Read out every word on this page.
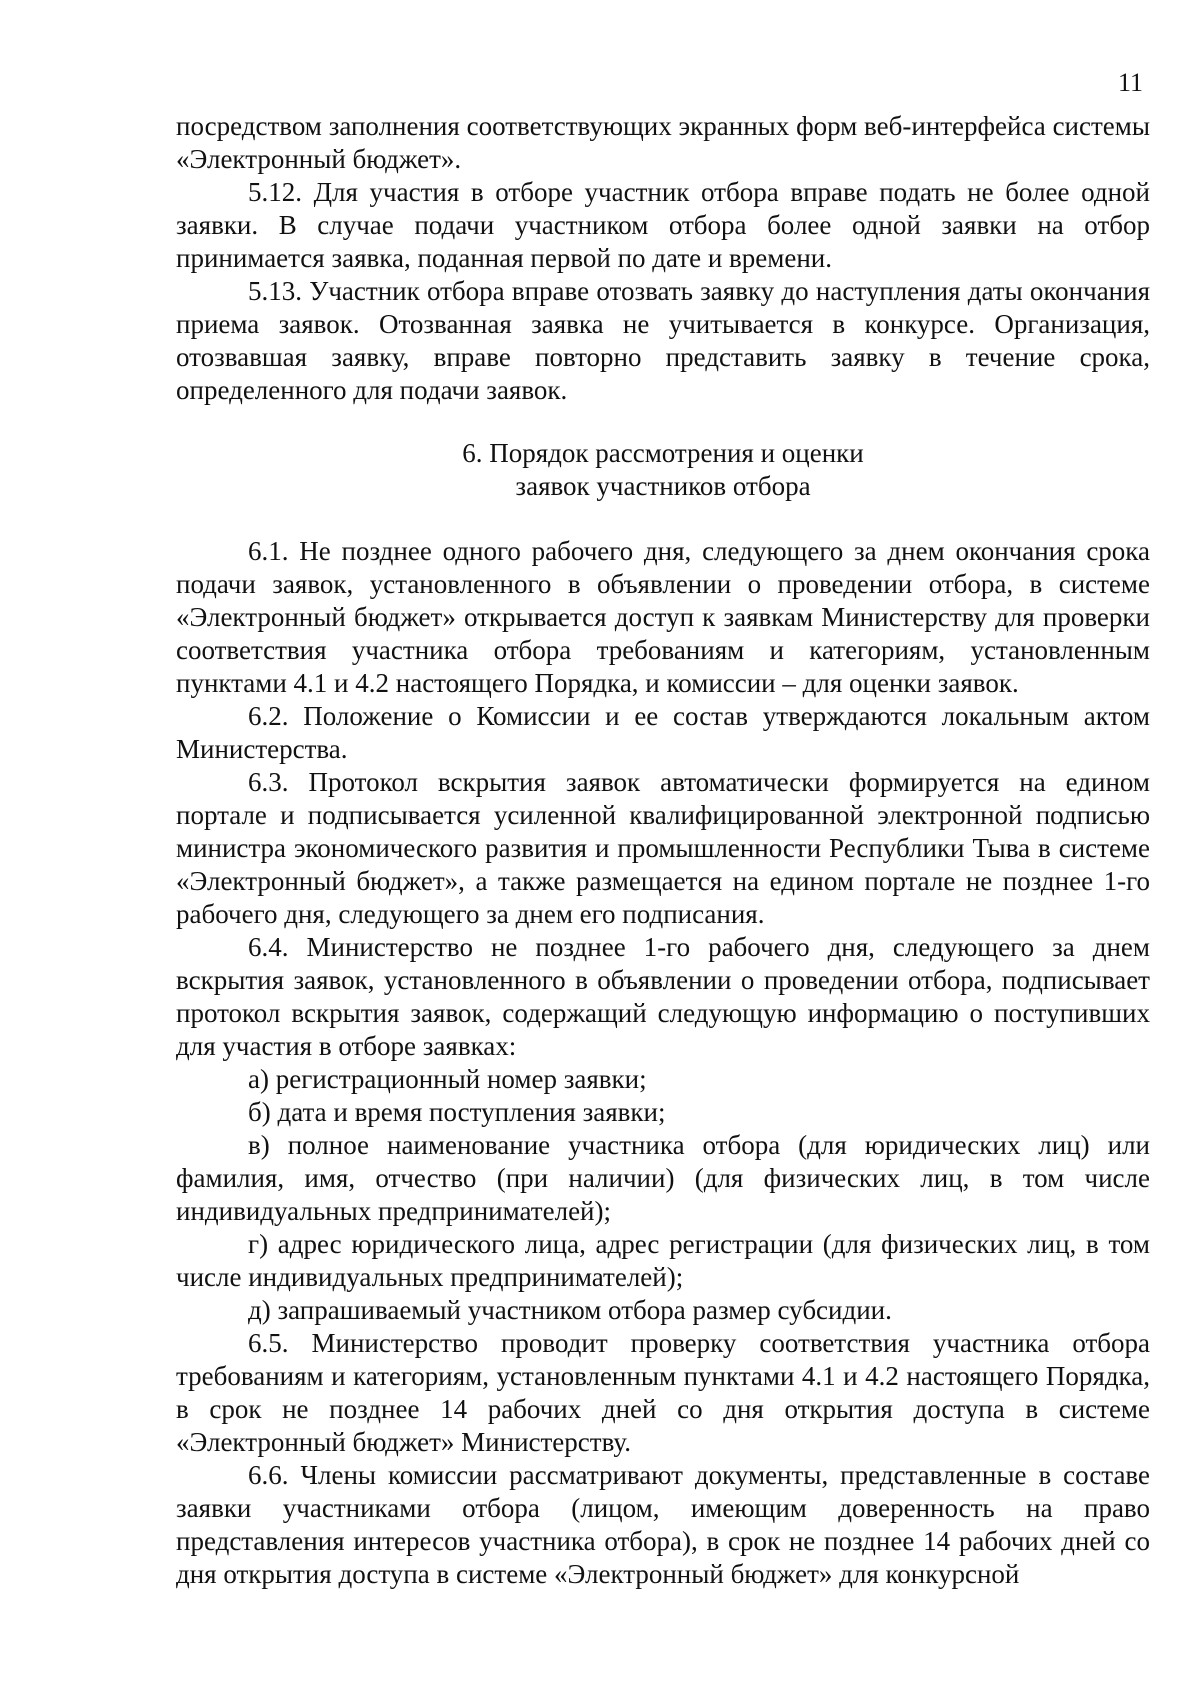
11

посредством заполнения соответствующих экранных форм веб-интерфейса системы «Электронный бюджет».

5.12. Для участия в отборе участник отбора вправе подать не более одной заявки. В случае подачи участником отбора более одной заявки на отбор принимается заявка, поданная первой по дате и времени.

5.13. Участник отбора вправе отозвать заявку до наступления даты окончания приема заявок. Отозванная заявка не учитывается в конкурсе. Организация, отозвавшая заявку, вправе повторно представить заявку в течение срока, определенного для подачи заявок.

6. Порядок рассмотрения и оценки
заявок участников отбора

6.1. Не позднее одного рабочего дня, следующего за днем окончания срока подачи заявок, установленного в объявлении о проведении отбора, в системе «Электронный бюджет» открывается доступ к заявкам Министерству для проверки соответствия участника отбора требованиям и категориям, установленным пунктами 4.1 и 4.2 настоящего Порядка, и комиссии – для оценки заявок.

6.2. Положение о Комиссии и ее состав утверждаются локальным актом Министерства.

6.3. Протокол вскрытия заявок автоматически формируется на едином портале и подписывается усиленной квалифицированной электронной подписью министра экономического развития и промышленности Республики Тыва в системе «Электронный бюджет», а также размещается на едином портале не позднее 1-го рабочего дня, следующего за днем его подписания.

6.4. Министерство не позднее 1-го рабочего дня, следующего за днем вскрытия заявок, установленного в объявлении о проведении отбора, подписывает протокол вскрытия заявок, содержащий следующую информацию о поступивших для участия в отборе заявках:

а) регистрационный номер заявки;

б) дата и время поступления заявки;

в) полное наименование участника отбора (для юридических лиц) или фамилия, имя, отчество (при наличии) (для физических лиц, в том числе индивидуальных предпринимателей);

г) адрес юридического лица, адрес регистрации (для физических лиц, в том числе индивидуальных предпринимателей);

д) запрашиваемый участником отбора размер субсидии.

6.5. Министерство проводит проверку соответствия участника отбора требованиям и категориям, установленным пунктами 4.1 и 4.2 настоящего Порядка, в срок не позднее 14 рабочих дней со дня открытия доступа в системе «Электронный бюджет» Министерству.

6.6. Члены комиссии рассматривают документы, представленные в составе заявки участниками отбора (лицом, имеющим доверенность на право представления интересов участника отбора), в срок не позднее 14 рабочих дней со дня открытия доступа в системе «Электронный бюджет» для конкурсной
